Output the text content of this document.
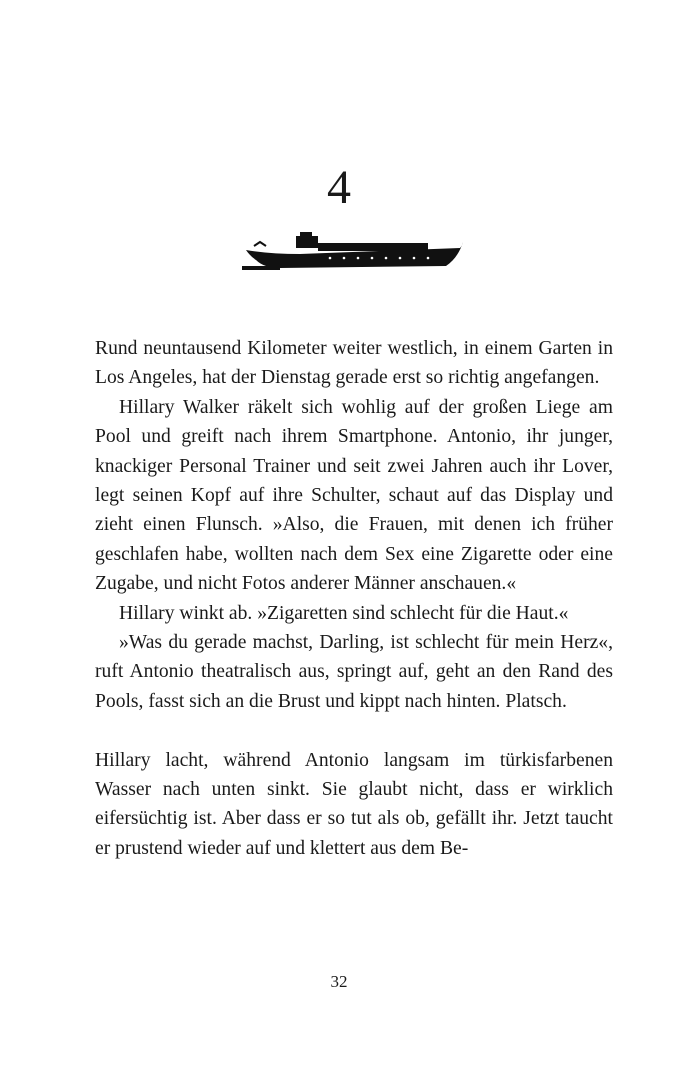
4

Rund neuntausend Kilometer weiter westlich, in einem Garten in Los Angeles, hat der Dienstag gerade erst so richtig angefangen.

Hillary Walker räkelt sich wohlig auf der großen Liege am Pool und greift nach ihrem Smartphone. Antonio, ihr junger, knackiger Personal Trainer und seit zwei Jahren auch ihr Lover, legt seinen Kopf auf ihre Schulter, schaut auf das Display und zieht einen Flunsch. »Also, die Frauen, mit denen ich früher geschlafen habe, wollten nach dem Sex eine Zigarette oder eine Zugabe, und nicht Fotos anderer Männer anschauen.«

Hillary winkt ab. »Zigaretten sind schlecht für die Haut.«

»Was du gerade machst, Darling, ist schlecht für mein Herz«, ruft Antonio theatralisch aus, springt auf, geht an den Rand des Pools, fasst sich an die Brust und kippt nach hinten. Platsch.

Hillary lacht, während Antonio langsam im türkisfarbenen Wasser nach unten sinkt. Sie glaubt nicht, dass er wirklich eifersüchtig ist. Aber dass er so tut als ob, gefällt ihr. Jetzt taucht er prustend wieder auf und klettert aus dem Be-

32
